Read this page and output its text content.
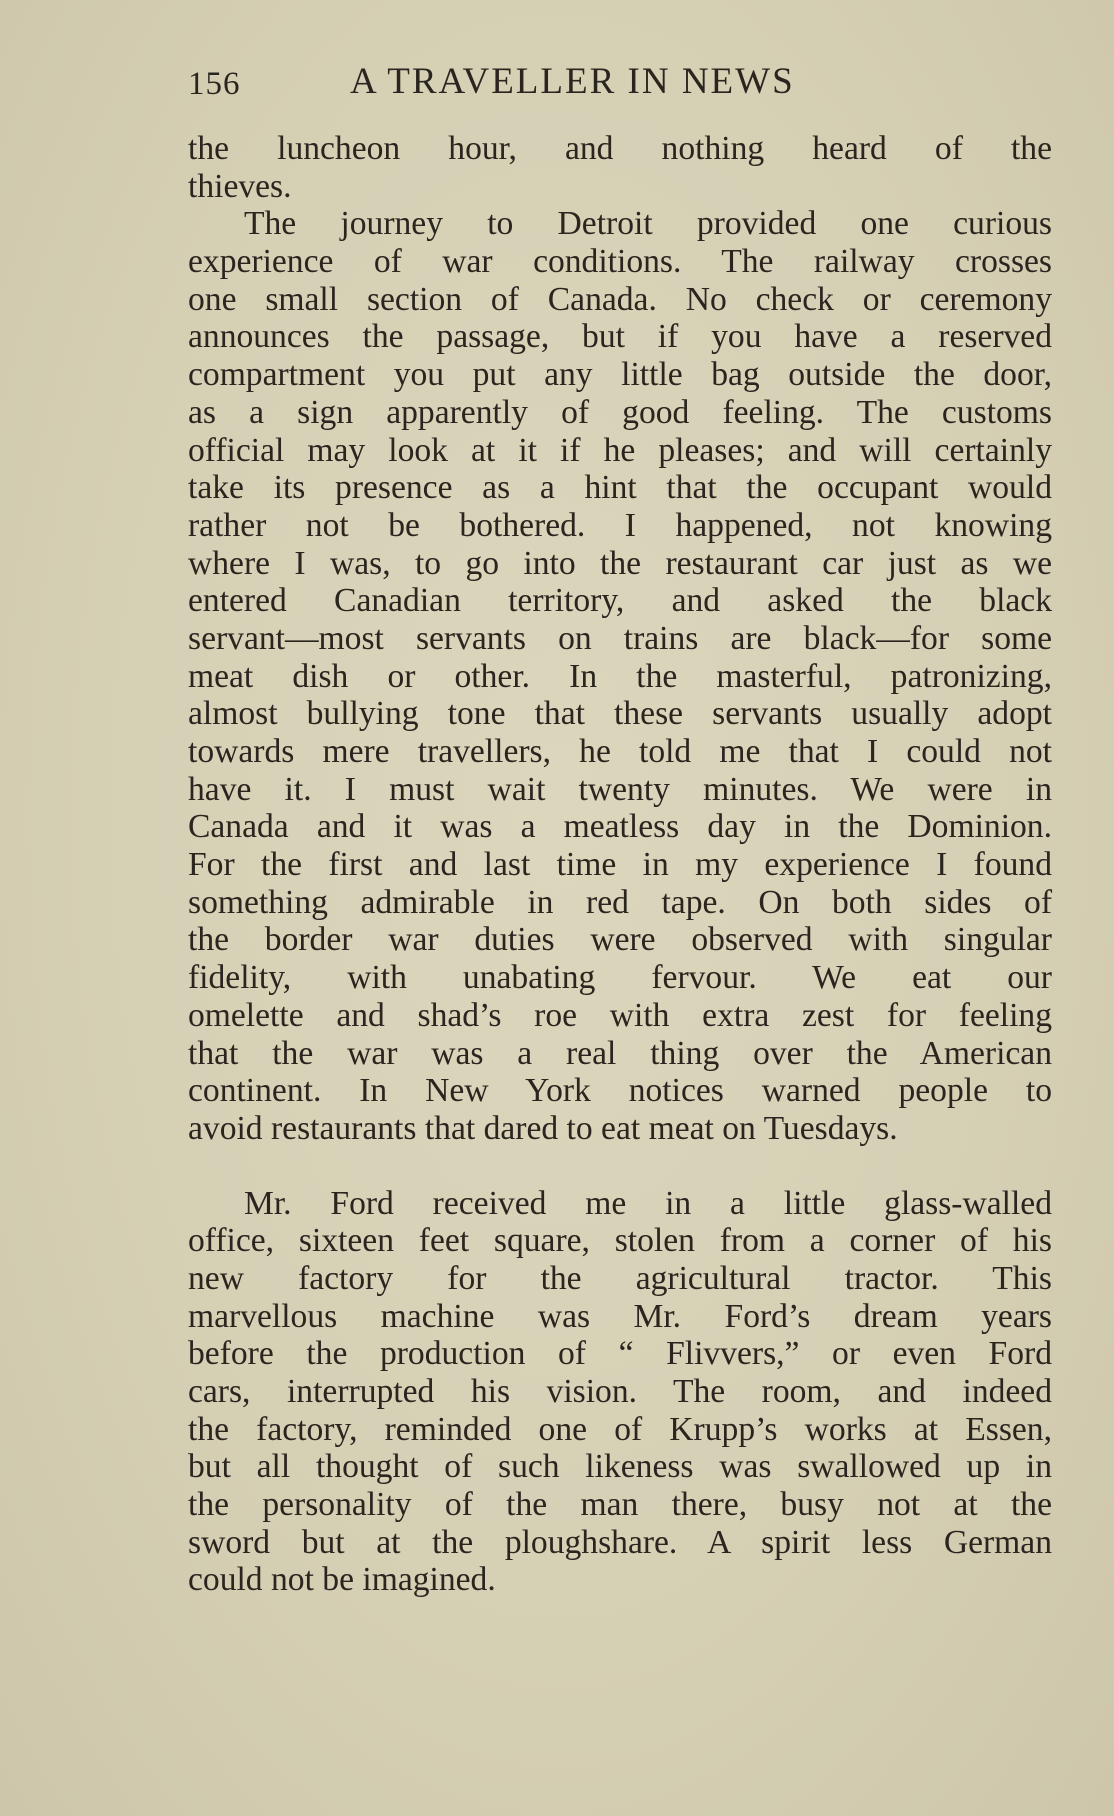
156	A TRAVELLER IN NEWS
the luncheon hour, and nothing heard of the
thieves.
The journey to Detroit provided one curious
experience of war conditions. The railway crosses
one small section of Canada. No check or ceremony
announces the passage, but if you have a reserved
compartment you put any little bag outside the door,
as a sign apparently of good feeling. The customs
official may look at it if he pleases; and will certainly
take its presence as a hint that the occupant would
rather not be bothered. I happened, not knowing
where I was, to go into the restaurant car just as we
entered Canadian territory, and asked the black
servant—most servants on trains are black—for some
meat dish or other. In the masterful, patronizing,
almost bullying tone that these servants usually adopt
towards mere travellers, he told me that I could not
have it. I must wait twenty minutes. We were in
Canada and it was a meatless day in the Dominion.
For the first and last time in my experience I found
something admirable in red tape. On both sides of
the border war duties were observed with singular
fidelity, with unabating fervour. We eat our
omelette and shad’s roe with extra zest for feeling
that the war was a real thing over the American
continent. In New York notices warned people to
avoid restaurants that dared to eat meat on Tuesdays.
Mr. Ford received me in a little glass-walled
office, sixteen feet square, stolen from a corner of his
new factory for the agricultural tractor. This
marvellous machine was Mr. Ford’s dream years
before the production of “ Flivvers,” or even Ford
cars, interrupted his vision. The room, and indeed
the factory, reminded one of Krupp’s works at Essen,
but all thought of such likeness was swallowed up in
the personality of the man there, busy not at the
sword but at the ploughshare. A spirit less German
could not be imagined.
